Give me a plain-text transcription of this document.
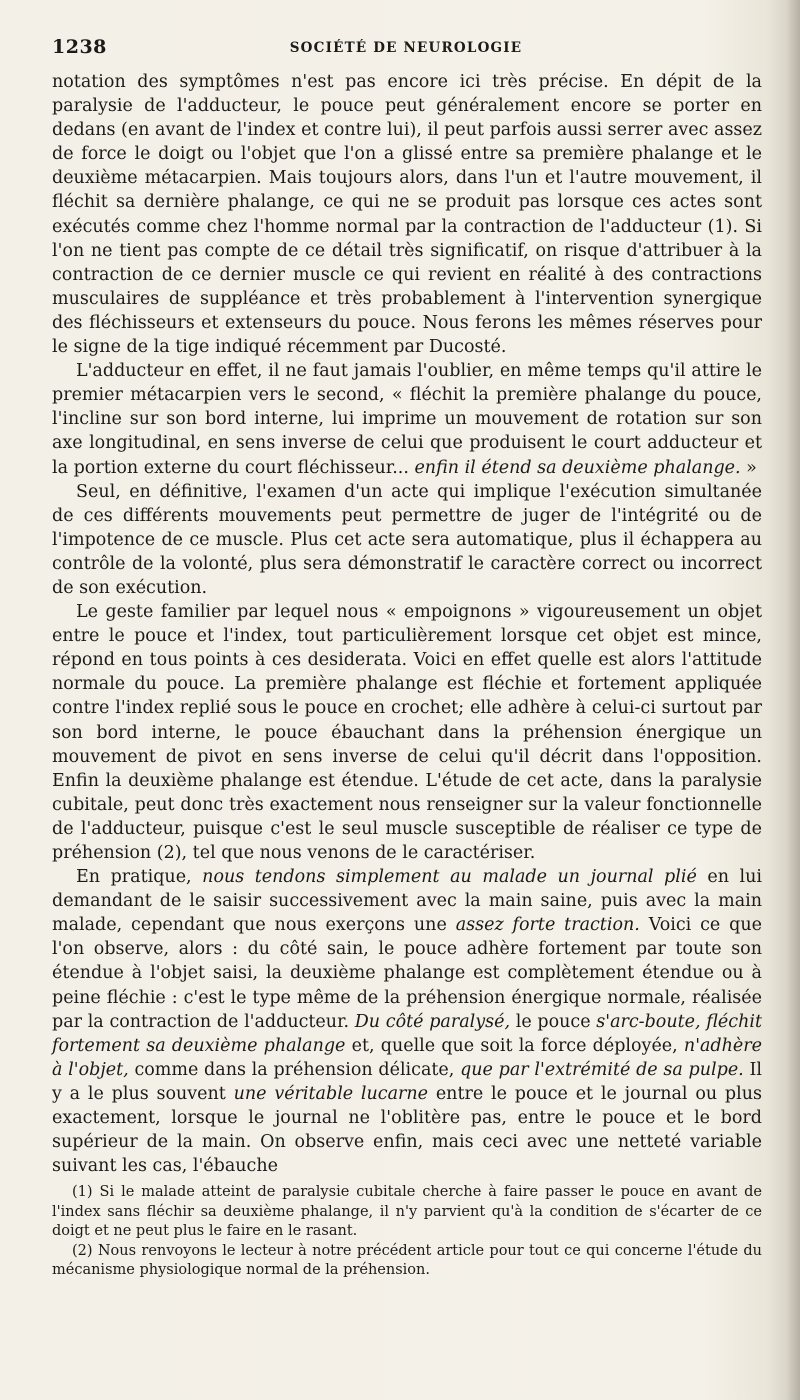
1238	SOCIÉTÉ DE NEUROLOGIE

notation des symptômes n'est pas encore ici très précise. En dépit de la paralysie de l'adducteur, le pouce peut généralement encore se porter en dedans (en avant de l'index et contre lui), il peut parfois aussi serrer avec assez de force le doigt ou l'objet que l'on a glissé entre sa première phalange et le deuxième métacarpien. Mais toujours alors, dans l'un et l'autre mouvement, il fléchit sa dernière phalange, ce qui ne se produit pas lorsque ces actes sont exécutés comme chez l'homme normal par la contraction de l'adducteur (1). Si l'on ne tient pas compte de ce détail très significatif, on risque d'attribuer à la contraction de ce dernier muscle ce qui revient en réalité à des contractions musculaires de suppléance et très probablement à l'intervention synergique des fléchisseurs et extenseurs du pouce. Nous ferons les mêmes réserves pour le signe de la tige indiqué récemment par Ducosté.

L'adducteur en effet, il ne faut jamais l'oublier, en même temps qu'il attire le premier métacarpien vers le second, « fléchit la première phalange du pouce, l'incline sur son bord interne, lui imprime un mouvement de rotation sur son axe longitudinal, en sens inverse de celui que produisent le court adducteur et la portion externe du court fléchisseur... enfin il étend sa deuxième phalange. »

Seul, en définitive, l'examen d'un acte qui implique l'exécution simultanée de ces différents mouvements peut permettre de juger de l'intégrité ou de l'impotence de ce muscle. Plus cet acte sera automatique, plus il échappera au contrôle de la volonté, plus sera démonstratif le caractère correct ou incorrect de son exécution.

Le geste familier par lequel nous « empoignons » vigoureusement un objet entre le pouce et l'index, tout particulièrement lorsque cet objet est mince, répond en tous points à ces desiderata. Voici en effet quelle est alors l'attitude normale du pouce. La première phalange est fléchie et fortement appliquée contre l'index replié sous le pouce en crochet; elle adhère à celui-ci surtout par son bord interne, le pouce ébauchant dans la préhension énergique un mouvement de pivot en sens inverse de celui qu'il décrit dans l'opposition. Enfin la deuxième phalange est étendue. L'étude de cet acte, dans la paralysie cubitale, peut donc très exactement nous renseigner sur la valeur fonctionnelle de l'adducteur, puisque c'est le seul muscle susceptible de réaliser ce type de préhension (2), tel que nous venons de le caractériser.

En pratique, nous tendons simplement au malade un journal plié en lui demandant de le saisir successivement avec la main saine, puis avec la main malade, cependant que nous exerçons une assez forte traction. Voici ce que l'on observe, alors : du côté sain, le pouce adhère fortement par toute son étendue à l'objet saisi, la deuxième phalange est complètement étendue ou à peine fléchie : c'est le type même de la préhension énergique normale, réalisée par la contraction de l'adducteur. Du côté paralysé, le pouce s'arc-boute, fléchit fortement sa deuxième phalange et, quelle que soit la force déployée, n'adhère à l'objet, comme dans la préhension délicate, que par l'extrémité de sa pulpe. Il y a le plus souvent une véritable lucarne entre le pouce et le journal ou plus exactement, lorsque le journal ne l'oblitère pas, entre le pouce et le bord supérieur de la main. On observe enfin, mais ceci avec une netteté variable suivant les cas, l'ébauche

(1) Si le malade atteint de paralysie cubitale cherche à faire passer le pouce en avant de l'index sans fléchir sa deuxième phalange, il n'y parvient qu'à la condition de s'écarter de ce doigt et ne peut plus le faire en le rasant.

(2) Nous renvoyons le lecteur à notre précédent article pour tout ce qui concerne l'étude du mécanisme physiologique normal de la préhension.
